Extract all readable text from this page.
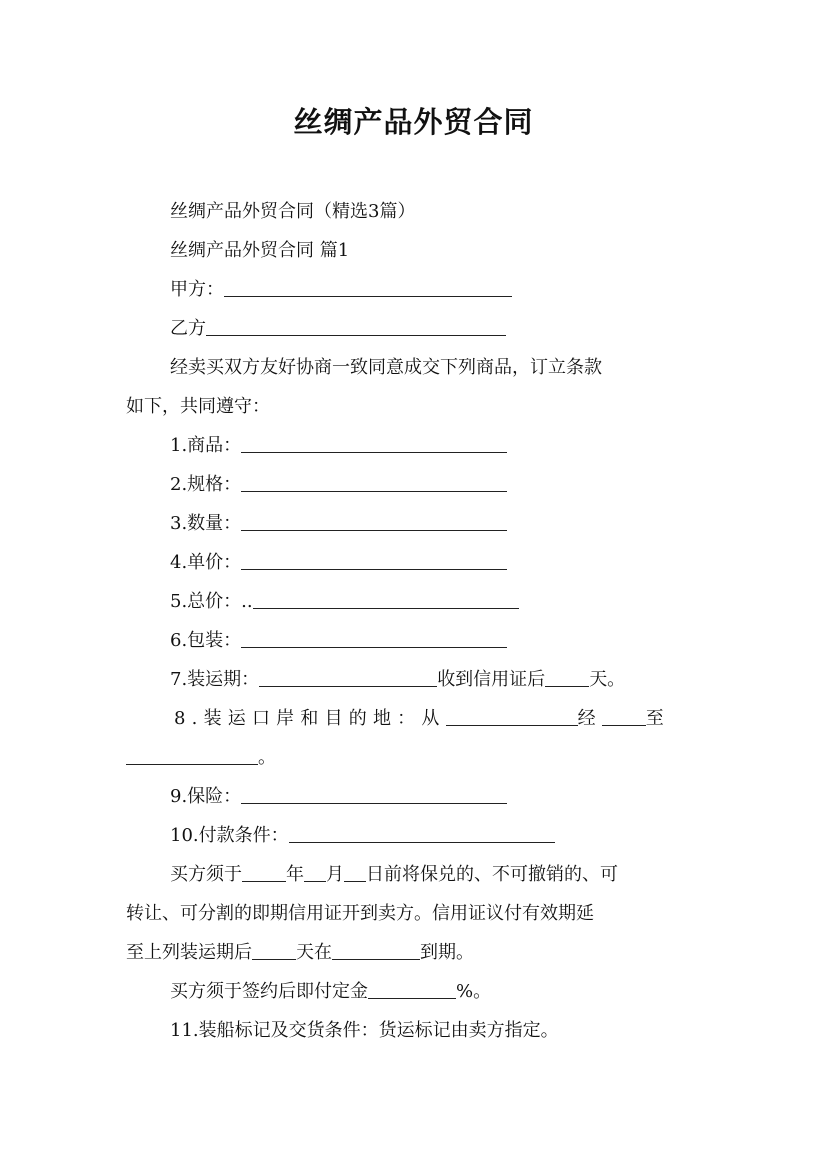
丝绸产品外贸合同
丝绸产品外贸合同（精选3篇）
丝绸产品外贸合同 篇1
甲方：
乙方
经卖买双方友好协商一致同意成交下列商品，订立条款
如下，共同遵守：
1.商品：
2.规格：
3.数量：
4.单价：
5.总价：..
6.包装：
7.装运期：	收到信用证后 天。
8.装运口岸和目的地：从	经 至
。
9.保险：
10.付款条件：
买方须于 年 月 日前将保兑的、不可撤销的、可
转让、可分割的即期信用证开到卖方。信用证议付有效期延
至上列装运期后 天在	到期。
买方须于签约后即付定金	%。
11.装船标记及交货条件：货运标记由卖方指定。
